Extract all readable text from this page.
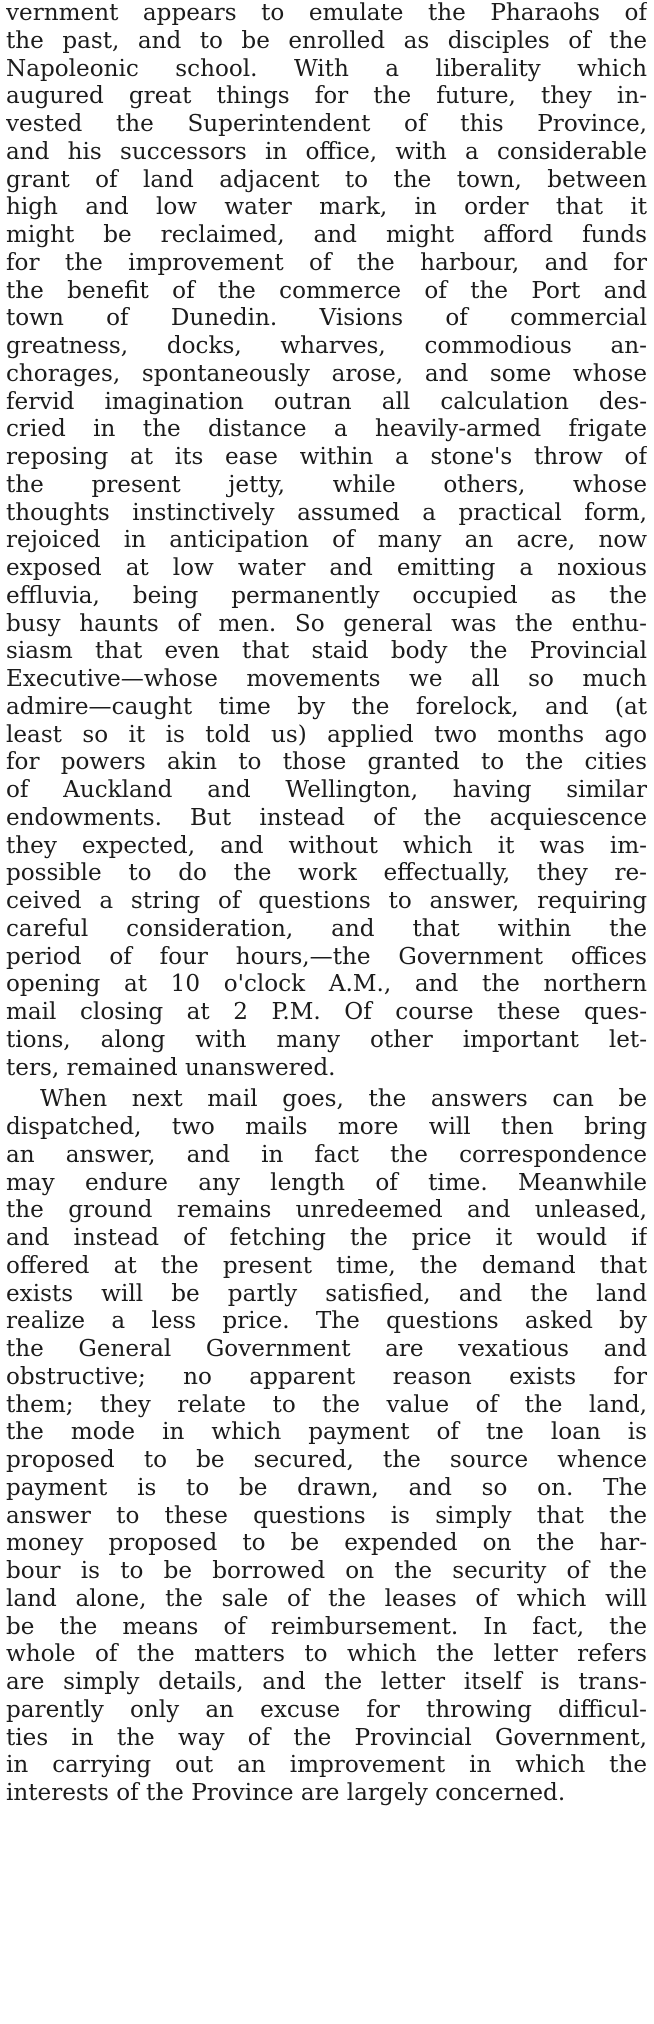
vernment appears to emulate the Pharaohs of
the past, and to be enrolled as disciples of the
Napoleonic school. With a liberality which
augured great things for the future, they in-
vested the Superintendent of this Province,
and his successors in office, with a considerable
grant of land adjacent to the town, between
high and low water mark, in order that it
might be reclaimed, and might afford funds
for the improvement of the harbour, and for
the benefit of the commerce of the Port and
town of Dunedin. Visions of commercial
greatness, docks, wharves, commodious an-
chorages, spontaneously arose, and some whose
fervid imagination outran all calculation des-
cried in the distance a heavily-armed frigate
reposing at its ease within a stone's throw of
the present jetty, while others, whose
thoughts instinctively assumed a practical form,
rejoiced in anticipation of many an acre, now
exposed at low water and emitting a noxious
effluvia, being permanently occupied as the
busy haunts of men. So general was the enthu-
siasm that even that staid body the Provincial
Executive—whose movements we all so much
admire—caught time by the forelock, and (at
least so it is told us) applied two months ago
for powers akin to those granted to the cities
of Auckland and Wellington, having similar
endowments. But instead of the acquiescence
they expected, and without which it was im-
possible to do the work effectually, they re-
ceived a string of questions to answer, requiring
careful consideration, and that within the
period of four hours,—the Government offices
opening at 10 o'clock A.M., and the northern
mail closing at 2 P.M. Of course these ques-
tions, along with many other important let-
ters, remained unanswered.
When next mail goes, the answers can be
dispatched, two mails more will then bring
an answer, and in fact the correspondence
may endure any length of time. Meanwhile
the ground remains unredeemed and unleased,
and instead of fetching the price it would if
offered at the present time, the demand that
exists will be partly satisfied, and the land
realize a less price. The questions asked by
the General Government are vexatious and
obstructive; no apparent reason exists for
them; they relate to the value of the land,
the mode in which payment of tne loan is
proposed to be secured, the source whence
payment is to be drawn, and so on. The
answer to these questions is simply that the
money proposed to be expended on the har-
bour is to be borrowed on the security of the
land alone, the sale of the leases of which will
be the means of reimbursement. In fact, the
whole of the matters to which the letter refers
are simply details, and the letter itself is trans-
parently only an excuse for throwing difficul-
ties in the way of the Provincial Government,
in carrying out an improvement in which the
interests of the Province are largely concerned.
